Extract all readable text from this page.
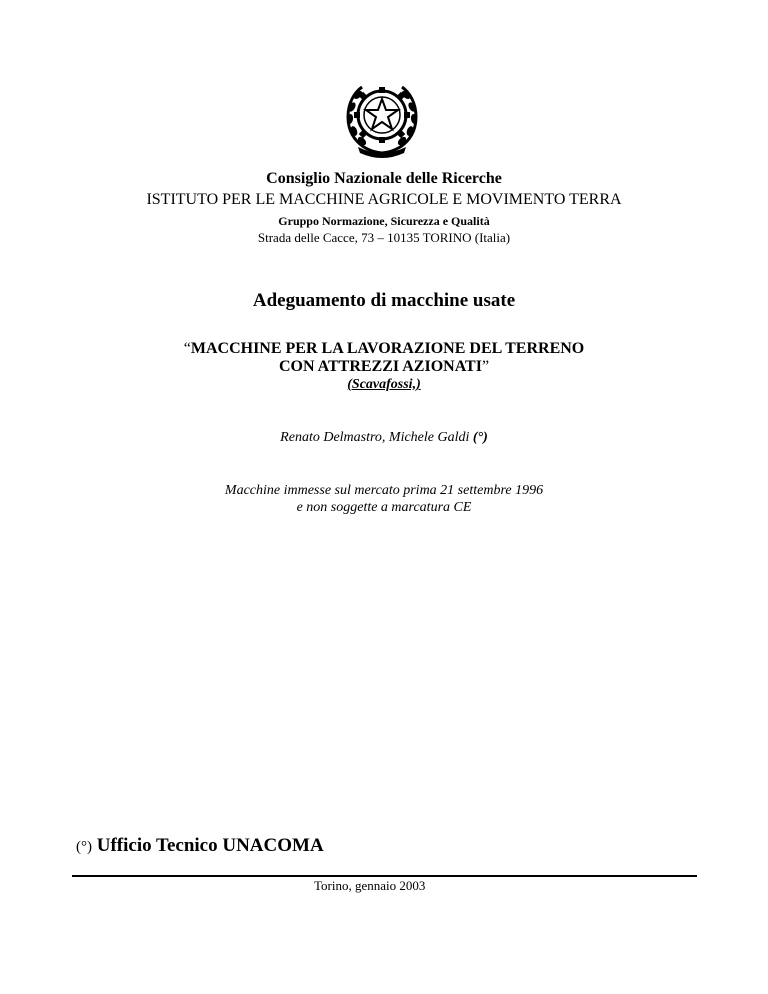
Consiglio Nazionale delle Ricerche
ISTITUTO PER LE MACCHINE AGRICOLE E MOVIMENTO TERRA
Gruppo Normazione, Sicurezza e Qualità
Strada delle Cacce, 73 – 10135 TORINO (Italia)
Adeguamento di macchine usate
“MACCHINE PER LA LAVORAZIONE DEL TERRENO
CON ATTREZZI AZIONATI”
(Scavafossi,)
Renato Delmastro, Michele Galdi (°)
Macchine immesse sul mercato prima 21 settembre 1996
e non soggette a marcatura CE
(°) Ufficio Tecnico UNACOMA
Torino, gennaio 2003
